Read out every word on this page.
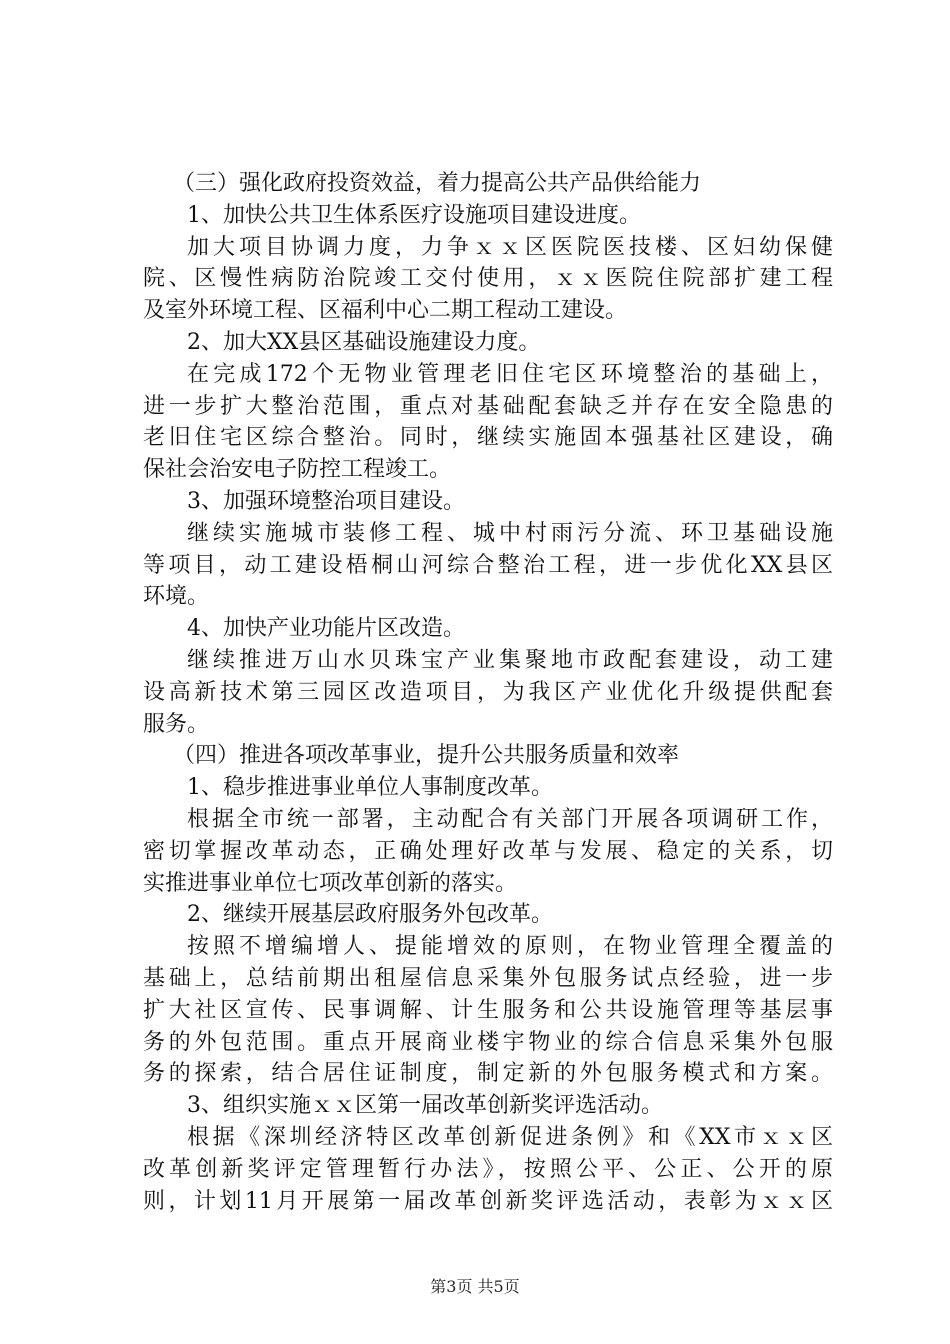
（三）强化政府投资效益，着力提高公共产品供给能力
1、加快公共卫生体系医疗设施项目建设进度。
加大项目协调力度，力争ｘｘ区医院医技楼、区妇幼保健
院、区慢性病防治院竣工交付使用，ｘｘ医院住院部扩建工程
及室外环境工程、区福利中心二期工程动工建设。
2、加大XX县区基础设施建设力度。
在完成172个无物业管理老旧住宅区环境整治的基础上，
进一步扩大整治范围，重点对基础配套缺乏并存在安全隐患的
老旧住宅区综合整治。同时，继续实施固本强基社区建设，确
保社会治安电子防控工程竣工。
3、加强环境整治项目建设。
继续实施城市装修工程、城中村雨污分流、环卫基础设施
等项目，动工建设梧桐山河综合整治工程，进一步优化XX县区
环境。
4、加快产业功能片区改造。
继续推进万山水贝珠宝产业集聚地市政配套建设，动工建
设高新技术第三园区改造项目，为我区产业优化升级提供配套
服务。
（四）推进各项改革事业，提升公共服务质量和效率
1、稳步推进事业单位人事制度改革。
根据全市统一部署，主动配合有关部门开展各项调研工作，
密切掌握改革动态，正确处理好改革与发展、稳定的关系，切
实推进事业单位七项改革创新的落实。
2、继续开展基层政府服务外包改革。
按照不增编增人、提能增效的原则，在物业管理全覆盖的
基础上，总结前期出租屋信息采集外包服务试点经验，进一步
扩大社区宣传、民事调解、计生服务和公共设施管理等基层事
务的外包范围。重点开展商业楼宇物业的综合信息采集外包服
务的探索，结合居住证制度，制定新的外包服务模式和方案。
3、组织实施ｘｘ区第一届改革创新奖评选活动。
根据《深圳经济特区改革创新促进条例》和《XX市ｘｘ区
改革创新奖评定管理暂行办法》，按照公平、公正、公开的原
则，计划11月开展第一届改革创新奖评选活动，表彰为ｘｘ区
第3页 共5页
